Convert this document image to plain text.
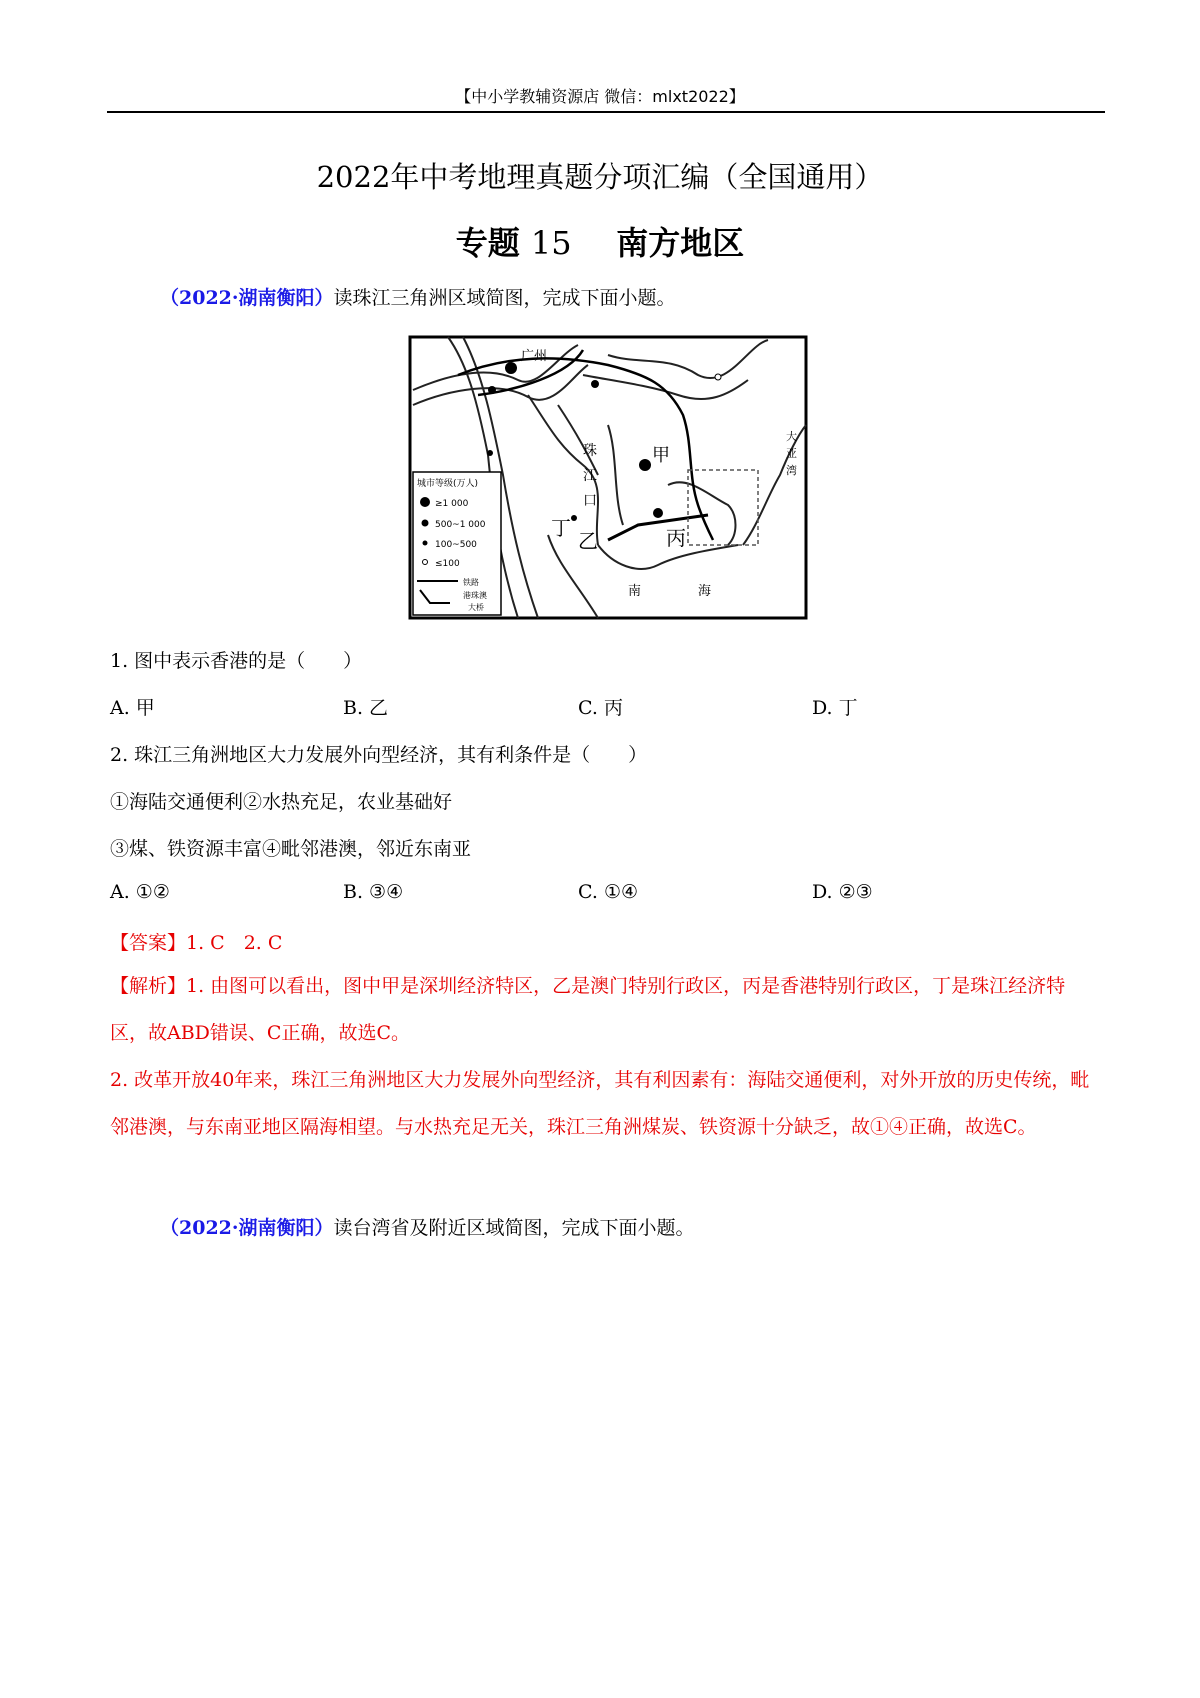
【中小学教辅资源店 微信：mlxt2022】
2022年中考地理真题分项汇编（全国通用）
专题 15 南方地区
（2022·湖南衡阳）读珠江三角洲区域简图，完成下面小题。
广州
珠
江
口
甲
乙	丙
丁
大
亚
湾
南	海
城市等级(万人)
≥1 000
500~1 000
100~500
≤100
铁路
港珠澳
大桥
1. 图中表示香港的是（　　）
A. 甲	B. 乙	C. 丙	D. 丁
2. 珠江三角洲地区大力发展外向型经济，其有利条件是（　　）
①海陆交通便利②水热充足，农业基础好
③煤、铁资源丰富④毗邻港澳，邻近东南亚
A. ①②	B. ③④	C. ①④	D. ②③
【答案】1. C　2. C
【解析】1. 由图可以看出，图中甲是深圳经济特区，乙是澳门特别行政区，丙是香港特别行政区，丁是珠江经济特区，故ABD错误、C正确，故选C。
2. 改革开放40年来，珠江三角洲地区大力发展外向型经济，其有利因素有：海陆交通便利，对外开放的历史传统，毗邻港澳，与东南亚地区隔海相望。与水热充足无关，珠江三角洲煤炭、铁资源十分缺乏，故①④正确，故选C。
（2022·湖南衡阳）读台湾省及附近区域简图，完成下面小题。
